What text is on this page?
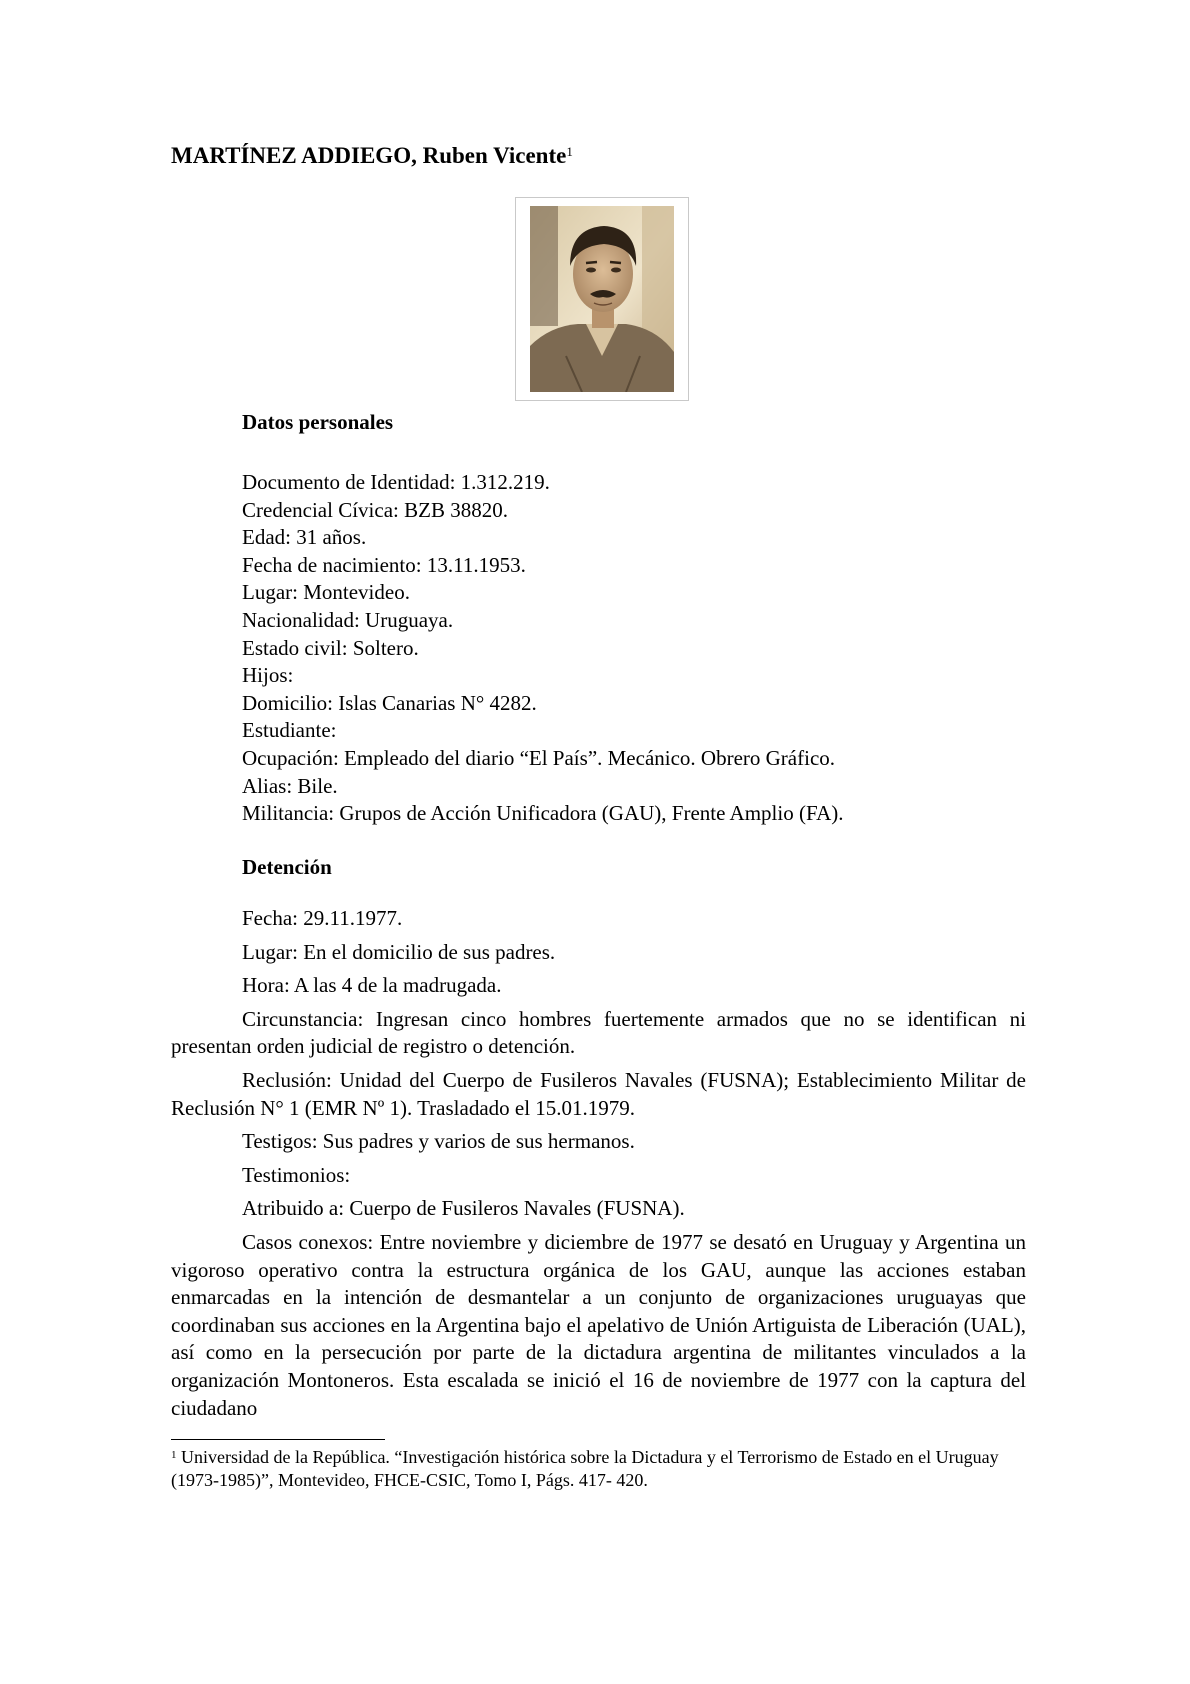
MARTÍNEZ ADDIEGO, Ruben Vicente$^1$
Datos personales
Documento de Identidad: 1.312.219.
Credencial Cívica: BZB 38820.
Edad: 31 años.
Fecha de nacimiento: 13.11.1953.
Lugar: Montevideo.
Nacionalidad: Uruguaya.
Estado civil: Soltero.
Hijos:
Domicilio: Islas Canarias N° 4282.
Estudiante:
Ocupación: Empleado del diario “El País”. Mecánico. Obrero Gráfico.
Alias: Bile.
Militancia: Grupos de Acción Unificadora (GAU), Frente Amplio (FA).
Detención

Fecha: 29.11.1977.

Lugar: En el domicilio de sus padres.

Hora: A las 4 de la madrugada.

Circunstancia: Ingresan cinco hombres fuertemente armados que no se identifican ni presentan orden judicial de registro o detención.

Reclusión: Unidad del Cuerpo de Fusileros Navales (FUSNA); Establecimiento Militar de Reclusión N° 1 (EMR Nº 1). Trasladado el 15.01.1979.

Testigos: Sus padres y varios de sus hermanos.

Testimonios:

Atribuido a: Cuerpo de Fusileros Navales (FUSNA).

Casos conexos: Entre noviembre y diciembre de 1977 se desató en Uruguay y Argentina un vigoroso operativo contra la estructura orgánica de los GAU, aunque las acciones estaban enmarcadas en la intención de desmantelar a un conjunto de organizaciones uruguayas que coordinaban sus acciones en la Argentina bajo el apelativo de Unión Artiguista de Liberación (UAL), así como en la persecución por parte de la dictadura argentina de militantes vinculados a la organización Montoneros. Esta escalada se inició el 16 de noviembre de 1977 con la captura del ciudadano

$^1$ Universidad de la República. “Investigación histórica sobre la Dictadura y el Terrorismo de Estado en el Uruguay (1973-1985)”, Montevideo, FHCE-CSIC, Tomo I, Págs. 417- 420.
